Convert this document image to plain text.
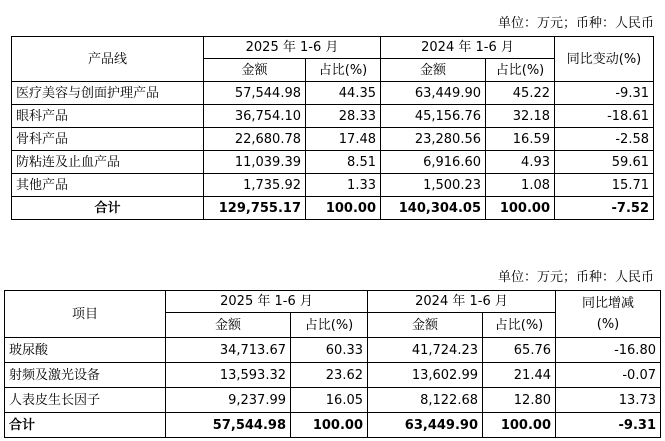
单位：万元；币种：人民币
产品线	2025 年 1-6 月		2024 年 1-6 月		同比变动(%)
	金额	占比(%)	金额	占比(%)	
医疗美容与创面护理产品	57,544.98	44.35	63,449.90	45.22	-9.31
眼科产品	36,754.10	28.33	45,156.76	32.18	-18.61
骨科产品	22,680.78	17.48	23,280.56	16.59	-2.58
防粘连及止血产品	11,039.39	8.51	6,916.60	4.93	59.61
其他产品	1,735.92	1.33	1,500.23	1.08	15.71
合计	129,755.17	100.00	140,304.05	100.00	-7.52
单位：万元；币种：人民币
项目	2025 年 1-6 月		2024 年 1-6 月		同比增减
(%)
	金额	占比(%)	金额	占比(%)	
玻尿酸	34,713.67	60.33	41,724.23	65.76	-16.80
射频及激光设备	13,593.32	23.62	13,602.99	21.44	-0.07
人表皮生长因子	9,237.99	16.05	8,122.68	12.80	13.73
合计	57,544.98	100.00	63,449.90	100.00	-9.31
